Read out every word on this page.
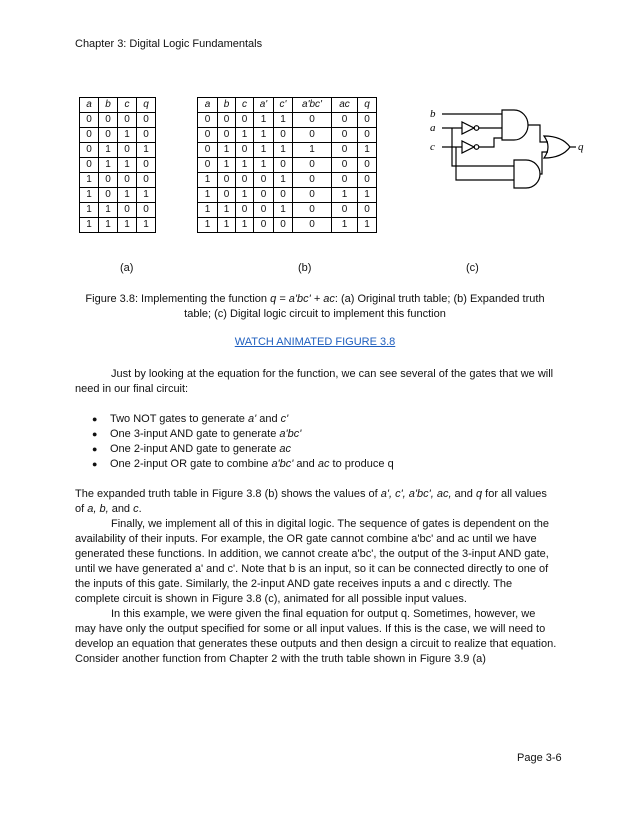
Chapter 3: Digital Logic Fundamentals
a	b	c	q
0	0	0	0
0	0	1	0
0	1	0	1
0	1	1	0
1	0	0	0
1	0	1	1
1	1	0	0
1	1	1	1
a	b	c	a'	c'	a'bc'	ac	q
0	0	0	1	1	0	0	0
0	0	1	1	0	0	0	0
0	1	0	1	1	1	0	1
0	1	1	1	0	0	0	0
1	0	0	0	1	0	0	0
1	0	1	0	0	0	1	1
1	1	0	0	1	0	0	0
1	1	1	0	0	0	1	1
b
a
c	q
(a)	(b)	(c)
Figure 3.8: Implementing the function q = a'bc' + ac: (a) Original truth table; (b) Expanded truth table; (c) Digital logic circuit to implement this function
WATCH ANIMATED FIGURE 3.8

Just by looking at the equation for the function, we can see several of the gates that we will need in our final circuit:

● Two NOT gates to generate a' and c'
● One 3-input AND gate to generate a'bc'
● One 2-input AND gate to generate ac
● One 2-input OR gate to combine a'bc' and ac to produce q

The expanded truth table in Figure 3.8 (b) shows the values of a', c', a'bc', ac, and q for all values of a, b, and c.

Finally, we implement all of this in digital logic. The sequence of gates is dependent on the availability of their inputs. For example, the OR gate cannot combine a'bc' and ac until we have generated these functions. In addition, we cannot create a'bc', the output of the 3-input AND gate, until we have generated a' and c'. Note that b is an input, so it can be connected directly to one of the inputs of this gate. Similarly, the 2-input AND gate receives inputs a and c directly. The complete circuit is shown in Figure 3.8 (c), animated for all possible input values.

In this example, we were given the final equation for output q. Sometimes, however, we may have only the output specified for some or all input values. If this is the case, we will need to develop an equation that generates these outputs and then design a circuit to realize that equation. Consider another function from Chapter 2 with the truth table shown in Figure 3.9 (a)

Page 3-6
